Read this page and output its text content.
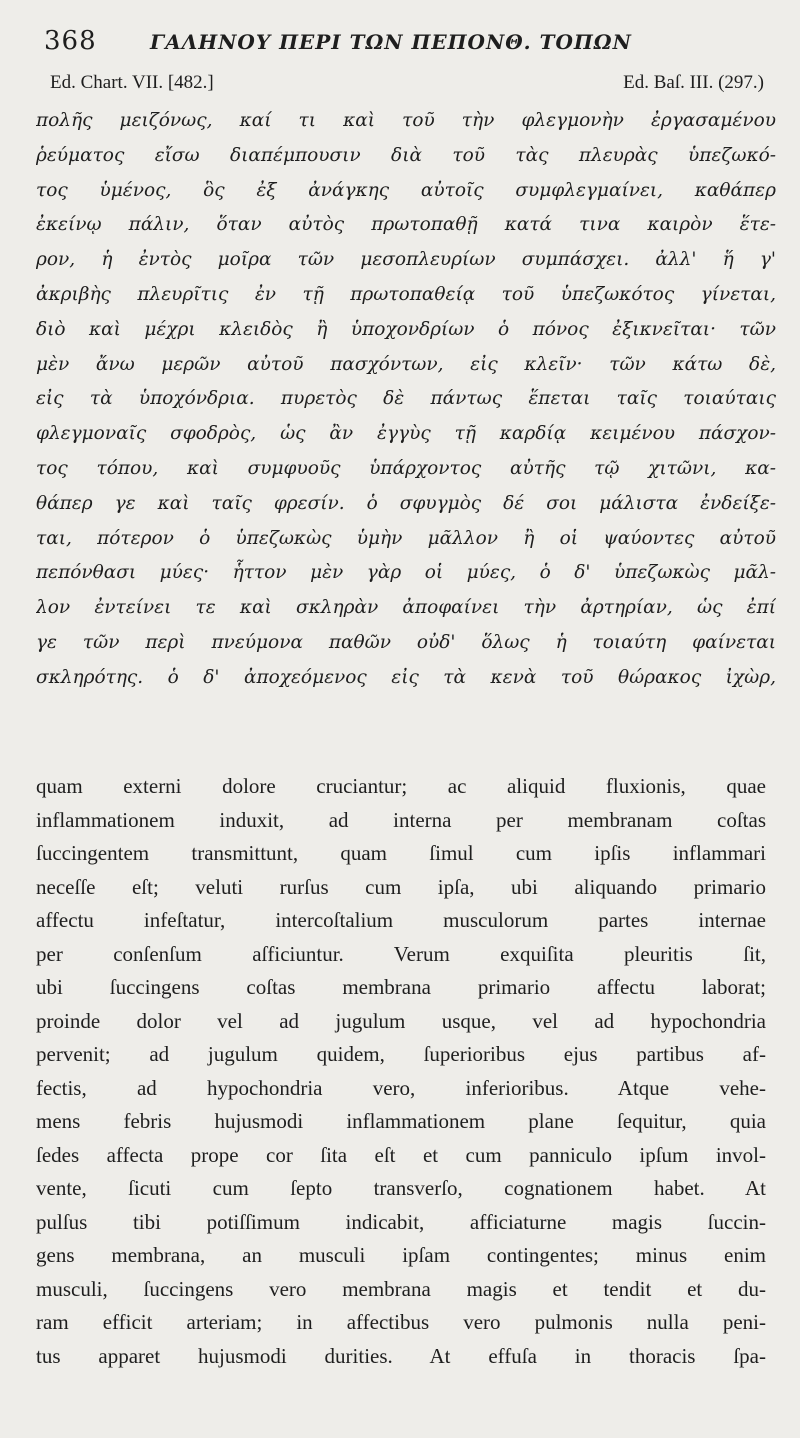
368	ΓΑΛΗΝΟΥ ΠΕΡΙ ΤΩΝ ΠΕΠΟΝΘ. ΤΟΠΩΝ
Ed. Chart. VII. [482.]	Ed. Baſ. III. (297.)
πολῆς μειζόνως, καί τι καὶ τοῦ τὴν φλεγμονὴν ἐργασαμένου
ῥεύματος εἴσω διαπέμπουσιν διὰ τοῦ τὰς πλευρὰς ὑπεζωκό-
τος ὑμένος, ὃς ἐξ ἀνάγκης αὐτοῖς συμφλεγμαίνει, καθάπερ
ἐκείνῳ πάλιν, ὅταν αὐτὸς πρωτοπαθῇ κατά τινα καιρὸν ἕτε-
ρον, ἡ ἐντὸς μοῖρα τῶν μεσοπλευρίων συμπάσχει. ἀλλ' ἥ γ'
ἀκριβὴς πλευρῖτις ἐν τῇ πρωτοπαθείᾳ τοῦ ὑπεζωκότος γίνεται,
διὸ καὶ μέχρι κλειδὸς ἢ ὑποχονδρίων ὁ πόνος ἐξικνεῖται· τῶν
μὲν ἄνω μερῶν αὐτοῦ πασχόντων, εἰς κλεῖν· τῶν κάτω δὲ,
εἰς τὰ ὑποχόνδρια. πυρετὸς δὲ πάντως ἕπεται ταῖς τοιαύταις
φλεγμοναῖς σφοδρὸς, ὡς ἂν ἐγγὺς τῇ καρδίᾳ κειμένου πάσχον-
τος τόπου, καὶ συμφυοῦς ὑπάρχοντος αὐτῆς τῷ χιτῶνι, κα-
θάπερ γε καὶ ταῖς φρεσίν. ὁ σφυγμὸς δέ σοι μάλιστα ἐνδείξε-
ται, πότερον ὁ ὑπεζωκὼς ὑμὴν μᾶλλον ἢ οἱ ψαύοντες αὐτοῦ
πεπόνθασι μύες· ἧττον μὲν γὰρ οἱ μύες, ὁ δ' ὑπεζωκὼς μᾶλ-
λον ἐντείνει τε καὶ σκληρὰν ἀποφαίνει τὴν ἀρτηρίαν, ὡς ἐπί
γε τῶν περὶ πνεύμονα παθῶν οὐδ' ὅλως ἡ τοιαύτη φαίνεται
σκληρότης. ὁ δ' ἀποχεόμενος εἰς τὰ κενὰ τοῦ θώρακος ἰχὼρ,
quam externi dolore cruciantur; ac aliquid fluxionis, quae
inflammationem induxit, ad interna per membranam coſtas
ſuccingentem transmittunt, quam ſimul cum ipſis inflammari
neceſſe eſt; veluti rurſus cum ipſa, ubi aliquando primario
affectu infeſtatur, intercoſtalium musculorum partes internae
per conſenſum aſficiuntur. Verum exquiſita pleuritis ſit,
ubi ſuccingens coſtas membrana primario affectu laborat;
proinde dolor vel ad jugulum usque, vel ad hypochondria
pervenit; ad jugulum quidem, ſuperioribus ejus partibus af-
fectis, ad hypochondria vero, inferioribus. Atque vehe-
mens febris hujusmodi inflammationem plane ſequitur, quia
ſedes affecta prope cor ſita eſt et cum panniculo ipſum invol-
vente, ſicuti cum ſepto transverſo, cognationem habet. At
pulſus tibi potiſſimum indicabit, afficiaturne magis ſuccin-
gens membrana, an musculi ipſam contingentes; minus enim
musculi, ſuccingens vero membrana magis et tendit et du-
ram efficit arteriam; in affectibus vero pulmonis nulla peni-
tus apparet hujusmodi durities. At effuſa in thoracis ſpa-
